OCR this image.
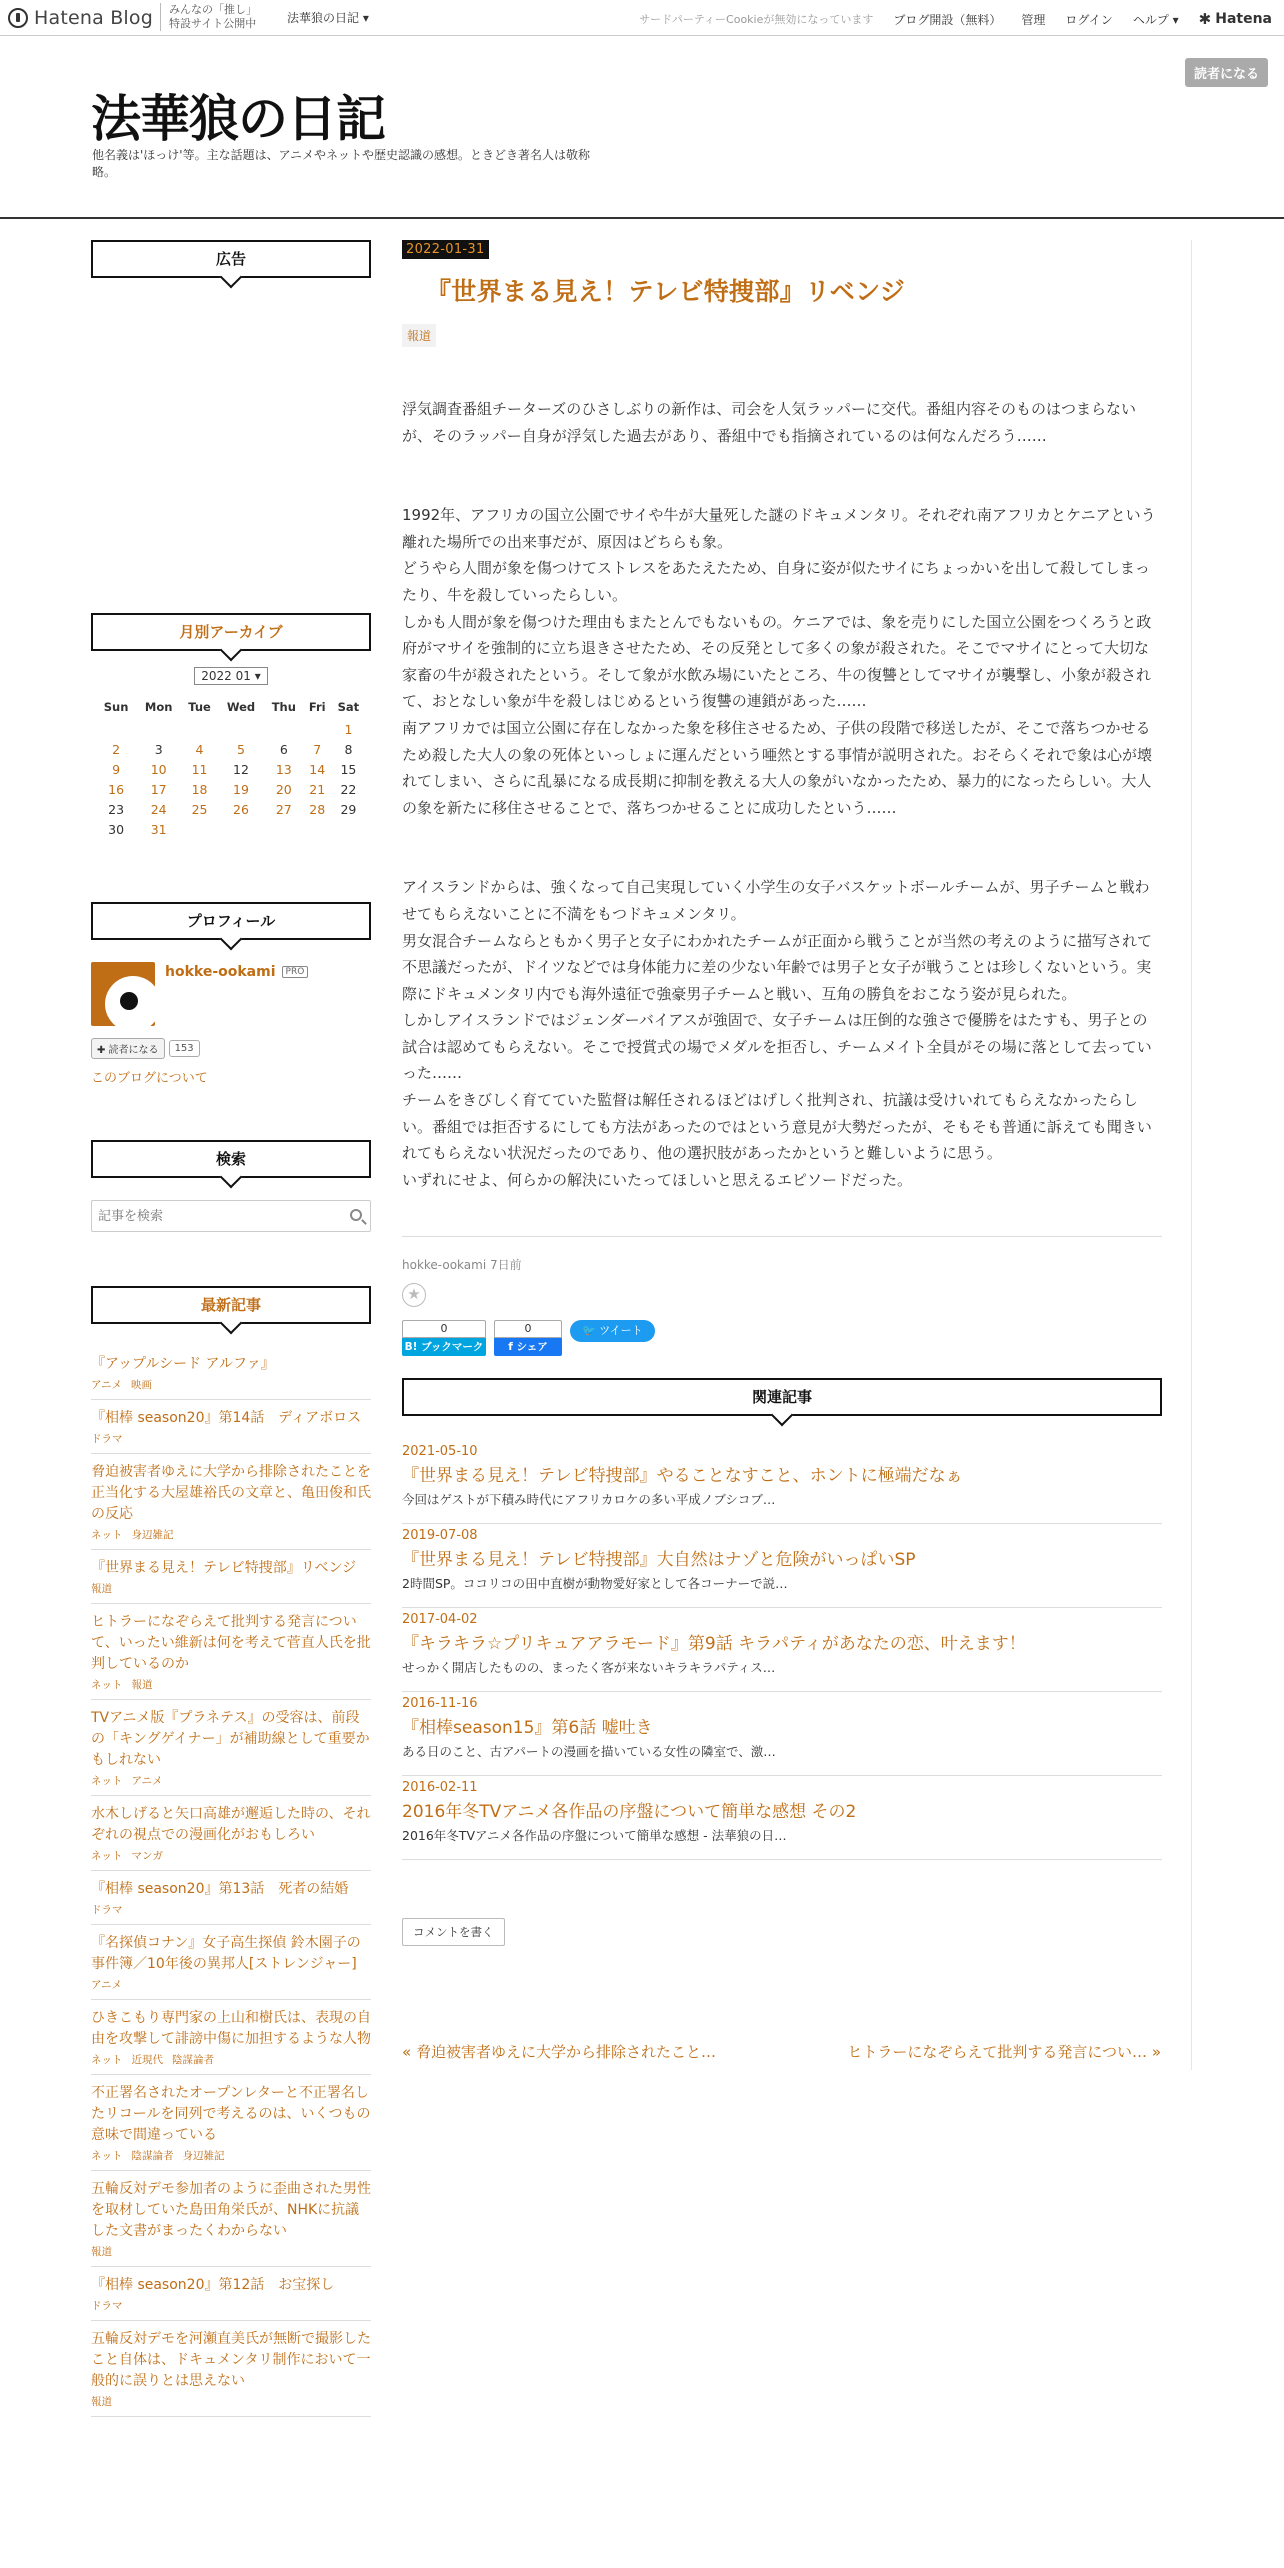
Hatena Blog みんなの「推し」
特設サイト公開中	法華狼の日記 ▾	サードパーティーCookieが無効になっています ブログ開設（無料） 管理 ログイン ヘルプ ▾ ✱ Hatena
法華狼の日記
他名義は'ほっけ'等。主な話題は、アニメやネットや歴史認識の感想。ときどき著名人は敬称略。
読者になる
広告
月別アーカイブ
2022 01 ▾
Sun	Mon	Tue	Wed	Thu	Fri	Sat
						1
2	3	4	5	6	7	8
9	10	11	12	13	14	15
16	17	18	19	20	21	22
23	24	25	26	27	28	29
30	31					
プロフィール
hokke-ookami PRO
✚ 読者になる	153
このブログについて
検索
記事を検索
最新記事
『アップルシード アルファ』
アニメ 映画
『相棒 season20』第14話　ディアボロス
ドラマ
脅迫被害者ゆえに大学から排除されたことを正当化する大屋雄裕氏の文章と、亀田俊和氏の反応
ネット 身辺雑記
『世界まる見え！テレビ特捜部』リベンジ
報道
ヒトラーになぞらえて批判する発言について、いったい維新は何を考えて菅直人氏を批判しているのか
ネット 報道
TVアニメ版『プラネテス』の受容は、前段の「キングゲイナー」が補助線として重要かもしれない
ネット アニメ
水木しげると矢口高雄が邂逅した時の、それぞれの視点での漫画化がおもしろい
ネット マンガ
『相棒 season20』第13話　死者の結婚
ドラマ
『名探偵コナン』女子高生探偵 鈴木園子の事件簿／10年後の異邦人[ストレンジャー]
アニメ
ひきこもり専門家の上山和樹氏は、表現の自由を攻撃して誹謗中傷に加担するような人物
ネット 近現代 陰謀論者
不正署名されたオープンレターと不正署名したリコールを同列で考えるのは、いくつもの意味で間違っている
ネット 陰謀論者 身辺雑記
五輪反対デモ参加者のように歪曲された男性を取材していた島田角栄氏が、NHKに抗議した文書がまったくわからない
報道
『相棒 season20』第12話　お宝探し
ドラマ
五輪反対デモを河瀬直美氏が無断で撮影したこと自体は、ドキュメンタリ制作において一般的に誤りとは思えない
報道
2022-01-31
『世界まる見え！テレビ特捜部』リベンジ
報道

浮気調査番組チーターズのひさしぶりの新作は、司会を人気ラッパーに交代。番組内容そのものはつまらないが、そのラッパー自身が浮気した過去があり、番組中でも指摘されているのは何なんだろう……

1992年、アフリカの国立公園でサイや牛が大量死した謎のドキュメンタリ。それぞれ南アフリカとケニアという離れた場所での出来事だが、原因はどちらも象。

どうやら人間が象を傷つけてストレスをあたえたため、自身に姿が似たサイにちょっかいを出して殺してしまったり、牛を殺していったらしい。

しかも人間が象を傷つけた理由もまたとんでもないもの。ケニアでは、象を売りにした国立公園をつくろうと政府がマサイを強制的に立ち退きさせたため、その反発として多くの象が殺された。そこでマサイにとって大切な家畜の牛が殺されたという。そして象が水飲み場にいたところ、牛の復讐としてマサイが襲撃し、小象が殺されて、おとなしい象が牛を殺しはじめるという復讐の連鎖があった……

南アフリカでは国立公園に存在しなかった象を移住させるため、子供の段階で移送したが、そこで落ちつかせるため殺した大人の象の死体といっしょに運んだという唖然とする事情が説明された。おそらくそれで象は心が壊れてしまい、さらに乱暴になる成長期に抑制を教える大人の象がいなかったため、暴力的になったらしい。大人の象を新たに移住させることで、落ちつかせることに成功したという……

アイスランドからは、強くなって自己実現していく小学生の女子バスケットボールチームが、男子チームと戦わせてもらえないことに不満をもつドキュメンタリ。

男女混合チームならともかく男子と女子にわかれたチームが正面から戦うことが当然の考えのように描写されて不思議だったが、ドイツなどでは身体能力に差の少ない年齢では男子と女子が戦うことは珍しくないという。実際にドキュメンタリ内でも海外遠征で強豪男子チームと戦い、互角の勝負をおこなう姿が見られた。

しかしアイスランドではジェンダーバイアスが強固で、女子チームは圧倒的な強さで優勝をはたすも、男子との試合は認めてもらえない。そこで授賞式の場でメダルを拒否し、チームメイト全員がその場に落として去っていった……

チームをきびしく育てていた監督は解任されるほどはげしく批判され、抗議は受けいれてもらえなかったらしい。番組では拒否するにしても方法があったのではという意見が大勢だったが、そもそも普通に訴えても聞きいれてもらえない状況だったのであり、他の選択肢があったかというと難しいように思う。

いずれにせよ、何らかの解決にいたってほしいと思えるエピソードだった。

hokke-ookami 7日前
★
0
B! ブックマーク
0
f シェア
🐦 ツイート
関連記事
2021-05-10
『世界まる見え！テレビ特捜部』やることなすこと、ホントに極端だなぁ
今回はゲストが下積み時代にアフリカロケの多い平成ノブシコブ…
2019-07-08
『世界まる見え！テレビ特捜部』大自然はナゾと危険がいっぱいSP
2時間SP。ココリコの田中直樹が動物愛好家として各コーナーで説…
2017-04-02
『キラキラ☆プリキュアアラモード』第9話 キラパティがあなたの恋、叶えます！
せっかく開店したものの、まったく客が来ないキラキラパティス…
2016-11-16
『相棒season15』第6話 嘘吐き
ある日のこと、古アパートの漫画を描いている女性の隣室で、激…
2016-02-11
2016年冬TVアニメ各作品の序盤について簡単な感想 その2
2016年冬TVアニメ各作品の序盤について簡単な感想 - 法華狼の日…
コメントを書く
« 脅迫被害者ゆえに大学から排除されたこと…	ヒトラーになぞらえて批判する発言につい… »
